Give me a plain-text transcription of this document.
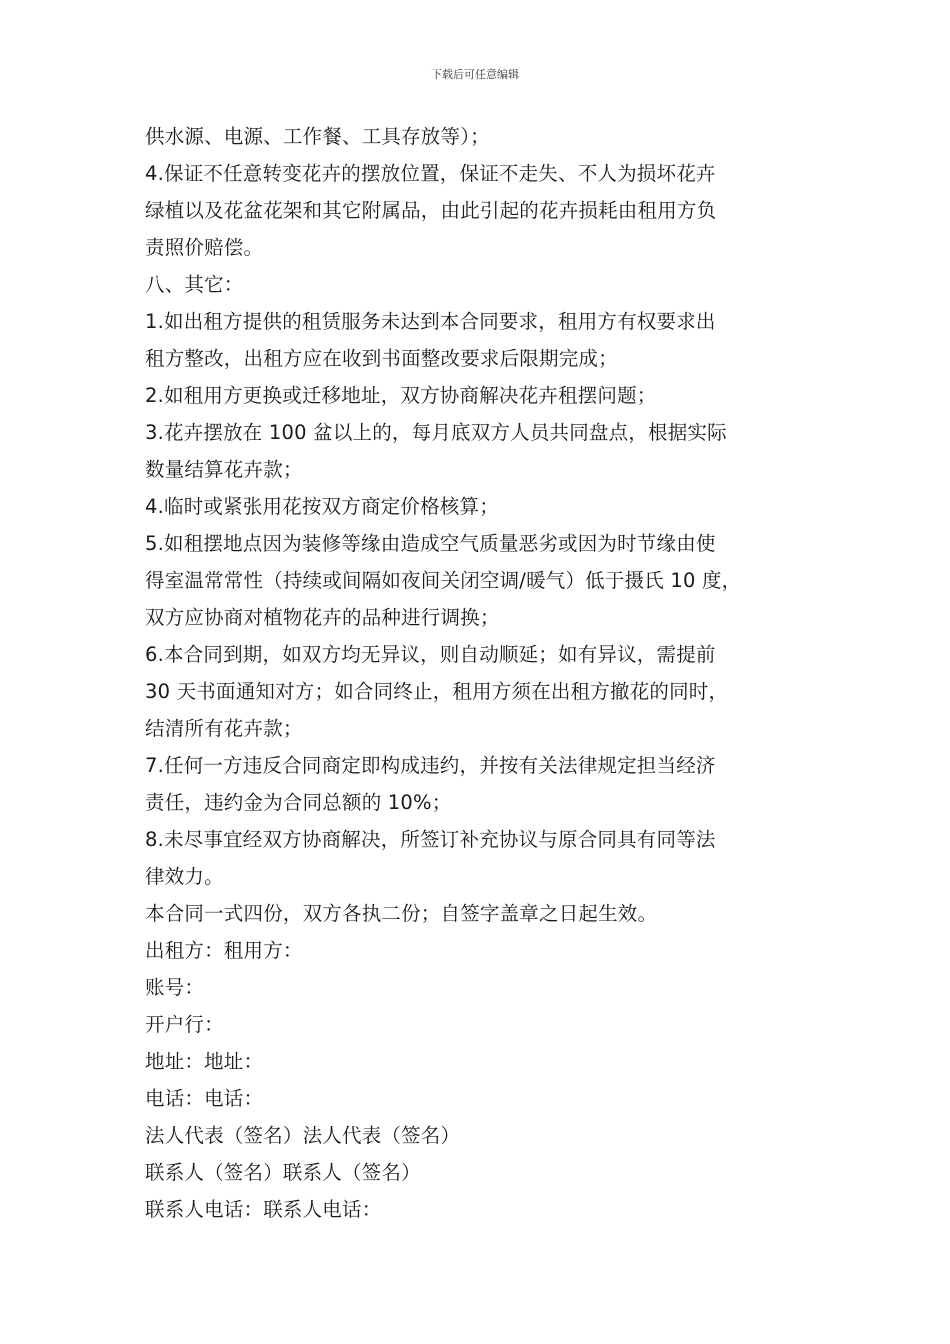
下载后可任意编辑
供水源、电源、工作餐、工具存放等）；
4.保证不任意转变花卉的摆放位置，保证不走失、不人为损坏花卉
绿植以及花盆花架和其它附属品，由此引起的花卉损耗由租用方负
责照价赔偿。
八、其它：
1.如出租方提供的租赁服务未达到本合同要求，租用方有权要求出
租方整改，出租方应在收到书面整改要求后限期完成；
2.如租用方更换或迁移地址，双方协商解决花卉租摆问题；
3.花卉摆放在 100 盆以上的，每月底双方人员共同盘点，根据实际
数量结算花卉款；
4.临时或紧张用花按双方商定价格核算；
5.如租摆地点因为装修等缘由造成空气质量恶劣或因为时节缘由使
得室温常常性（持续或间隔如夜间关闭空调/暖气）低于摄氏 10 度，
双方应协商对植物花卉的品种进行调换；
6.本合同到期，如双方均无异议，则自动顺延；如有异议，需提前
30 天书面通知对方；如合同终止，租用方须在出租方撤花的同时，
结清所有花卉款；
7.任何一方违反合同商定即构成违约，并按有关法律规定担当经济
责任，违约金为合同总额的 10%；
8.未尽事宜经双方协商解决，所签订补充协议与原合同具有同等法
律效力。
本合同一式四份，双方各执二份；自签字盖章之日起生效。
出租方：租用方：
账号：
开户行：
地址：地址：
电话：电话：
法人代表（签名）法人代表（签名）
联系人（签名）联系人（签名）
联系人电话：联系人电话：
